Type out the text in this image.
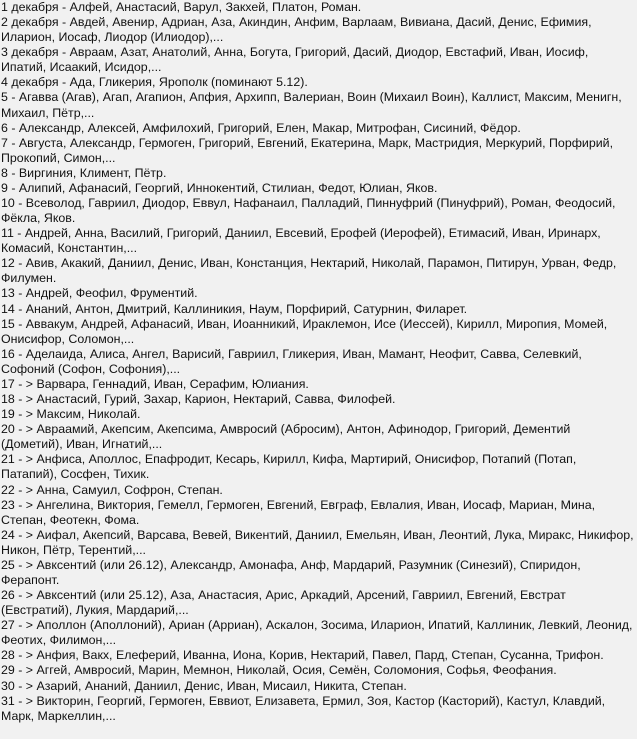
1 декабря - Алфей, Анастасий, Варул, Закхей, Платон, Роман.

2 декабря - Авдей, Авенир, Адриан, Аза, Акиндин, Анфим, Варлаам, Вивиана, Дасий, Денис, Ефимия, Иларион, Иосаф, Лиодор (Илиодор),...

3 декабря - Авраам, Азат, Анатолий, Анна, Богута, Григорий, Дасий, Диодор, Евстафий, Иван, Иосиф, Ипатий, Исаакий, Исидор,...

4 декабря - Ада, Гликерия, Ярополк (поминают 5.12).

5 - Агавва (Агав), Агап, Агапион, Апфия, Архипп, Валериан, Воин (Михаил Воин), Каллист, Максим, Менигн, Михаил, Пётр,...

6 - Александр, Алексей, Амфилохий, Григорий, Елен, Макар, Митрофан, Сисиний, Фёдор.

7 - Августа, Александр, Гермоген, Григорий, Евгений, Екатерина, Марк, Мастридия, Меркурий, Порфирий, Прокопий, Симон,...

8 - Виргиния, Климент, Пётр.

9 - Алипий, Афанасий, Георгий, Иннокентий, Стилиан, Федот, Юлиан, Яков.

10 - Всеволод, Гавриил, Диодор, Еввул, Нафанаил, Палладий, Пиннуфрий (Пинуфрий), Роман, Феодосий, Фёкла, Яков.

11 - Андрей, Анна, Василий, Григорий, Даниил, Евсевий, Ерофей (Иерофей), Етимасий, Иван, Иринарх, Комасий, Константин,...

12 - Авив, Акакий, Даниил, Денис, Иван, Констанция, Нектарий, Николай, Парамон, Питирун, Урван, Федр, Филумен.

13 - Андрей, Феофил, Фрументий.

14 - Ананий, Антон, Дмитрий, Каллиникия, Наум, Порфирий, Сатурнин, Филарет.

15 - Аввакум, Андрей, Афанасий, Иван, Иоанникий, Ираклемон, Исе (Иессей), Кирилл, Миропия, Момей, Онисифор, Соломон,...

16 - Аделаида, Алиса, Ангел, Варисий, Гавриил, Гликерия, Иван, Мамант, Неофит, Савва, Селевкий, Софоний (Софон, Софония),...

17 - > Варвара, Геннадий, Иван, Серафим, Юлиания.

18 - > Анастасий, Гурий, Захар, Карион, Нектарий, Савва, Филофей.

19 - > Максим, Николай.

20 - > Авраамий, Акепсим, Акепсима, Амвросий (Абросим), Антон, Афинодор, Григорий, Дементий (Дометий), Иван, Игнатий,...

21 - > Анфиса, Аполлос, Епафродит, Кесарь, Кирилл, Кифа, Мартирий, Онисифор, Потапий (Потап, Патапий), Сосфен, Тихик.

22 - > Анна, Самуил, Софрон, Степан.

23 - > Ангелина, Виктория, Гемелл, Гермоген, Евгений, Евграф, Евлалия, Иван, Иосаф, Мариан, Мина, Степан, Феотекн, Фома.

24 - > Аифал, Акепсий, Варсава, Вевей, Викентий, Даниил, Емельян, Иван, Леонтий, Лука, Миракс, Никифор, Никон, Пётр, Терентий,...

25 - > Авксентий (или 26.12), Александр, Амонафа, Анф, Мардарий, Разумник (Синезий), Спиридон, Ферапонт.

26 - > Авксентий (или 25.12), Аза, Анастасия, Арис, Аркадий, Арсений, Гавриил, Евгений, Евстрат (Евстратий), Лукия, Мардарий,...

27 - > Аполлон (Аполлоний), Ариан (Арриан), Аскалон, Зосима, Иларион, Ипатий, Каллиник, Левкий, Леонид, Феотих, Филимон,...

28 - > Анфия, Вакх, Елеферий, Иванна, Иона, Корив, Нектарий, Павел, Пард, Степан, Сусанна, Трифон.

29 - > Аггей, Амвросий, Марин, Мемнон, Николай, Осия, Семён, Соломония, Софья, Феофания.

30 - > Азарий, Ананий, Даниил, Денис, Иван, Мисаил, Никита, Степан.

31 - > Викторин, Георгий, Гермоген, Еввиот, Елизавета, Ермил, Зоя, Кастор (Касторий), Кастул, Клавдий, Марк, Маркеллин,...
